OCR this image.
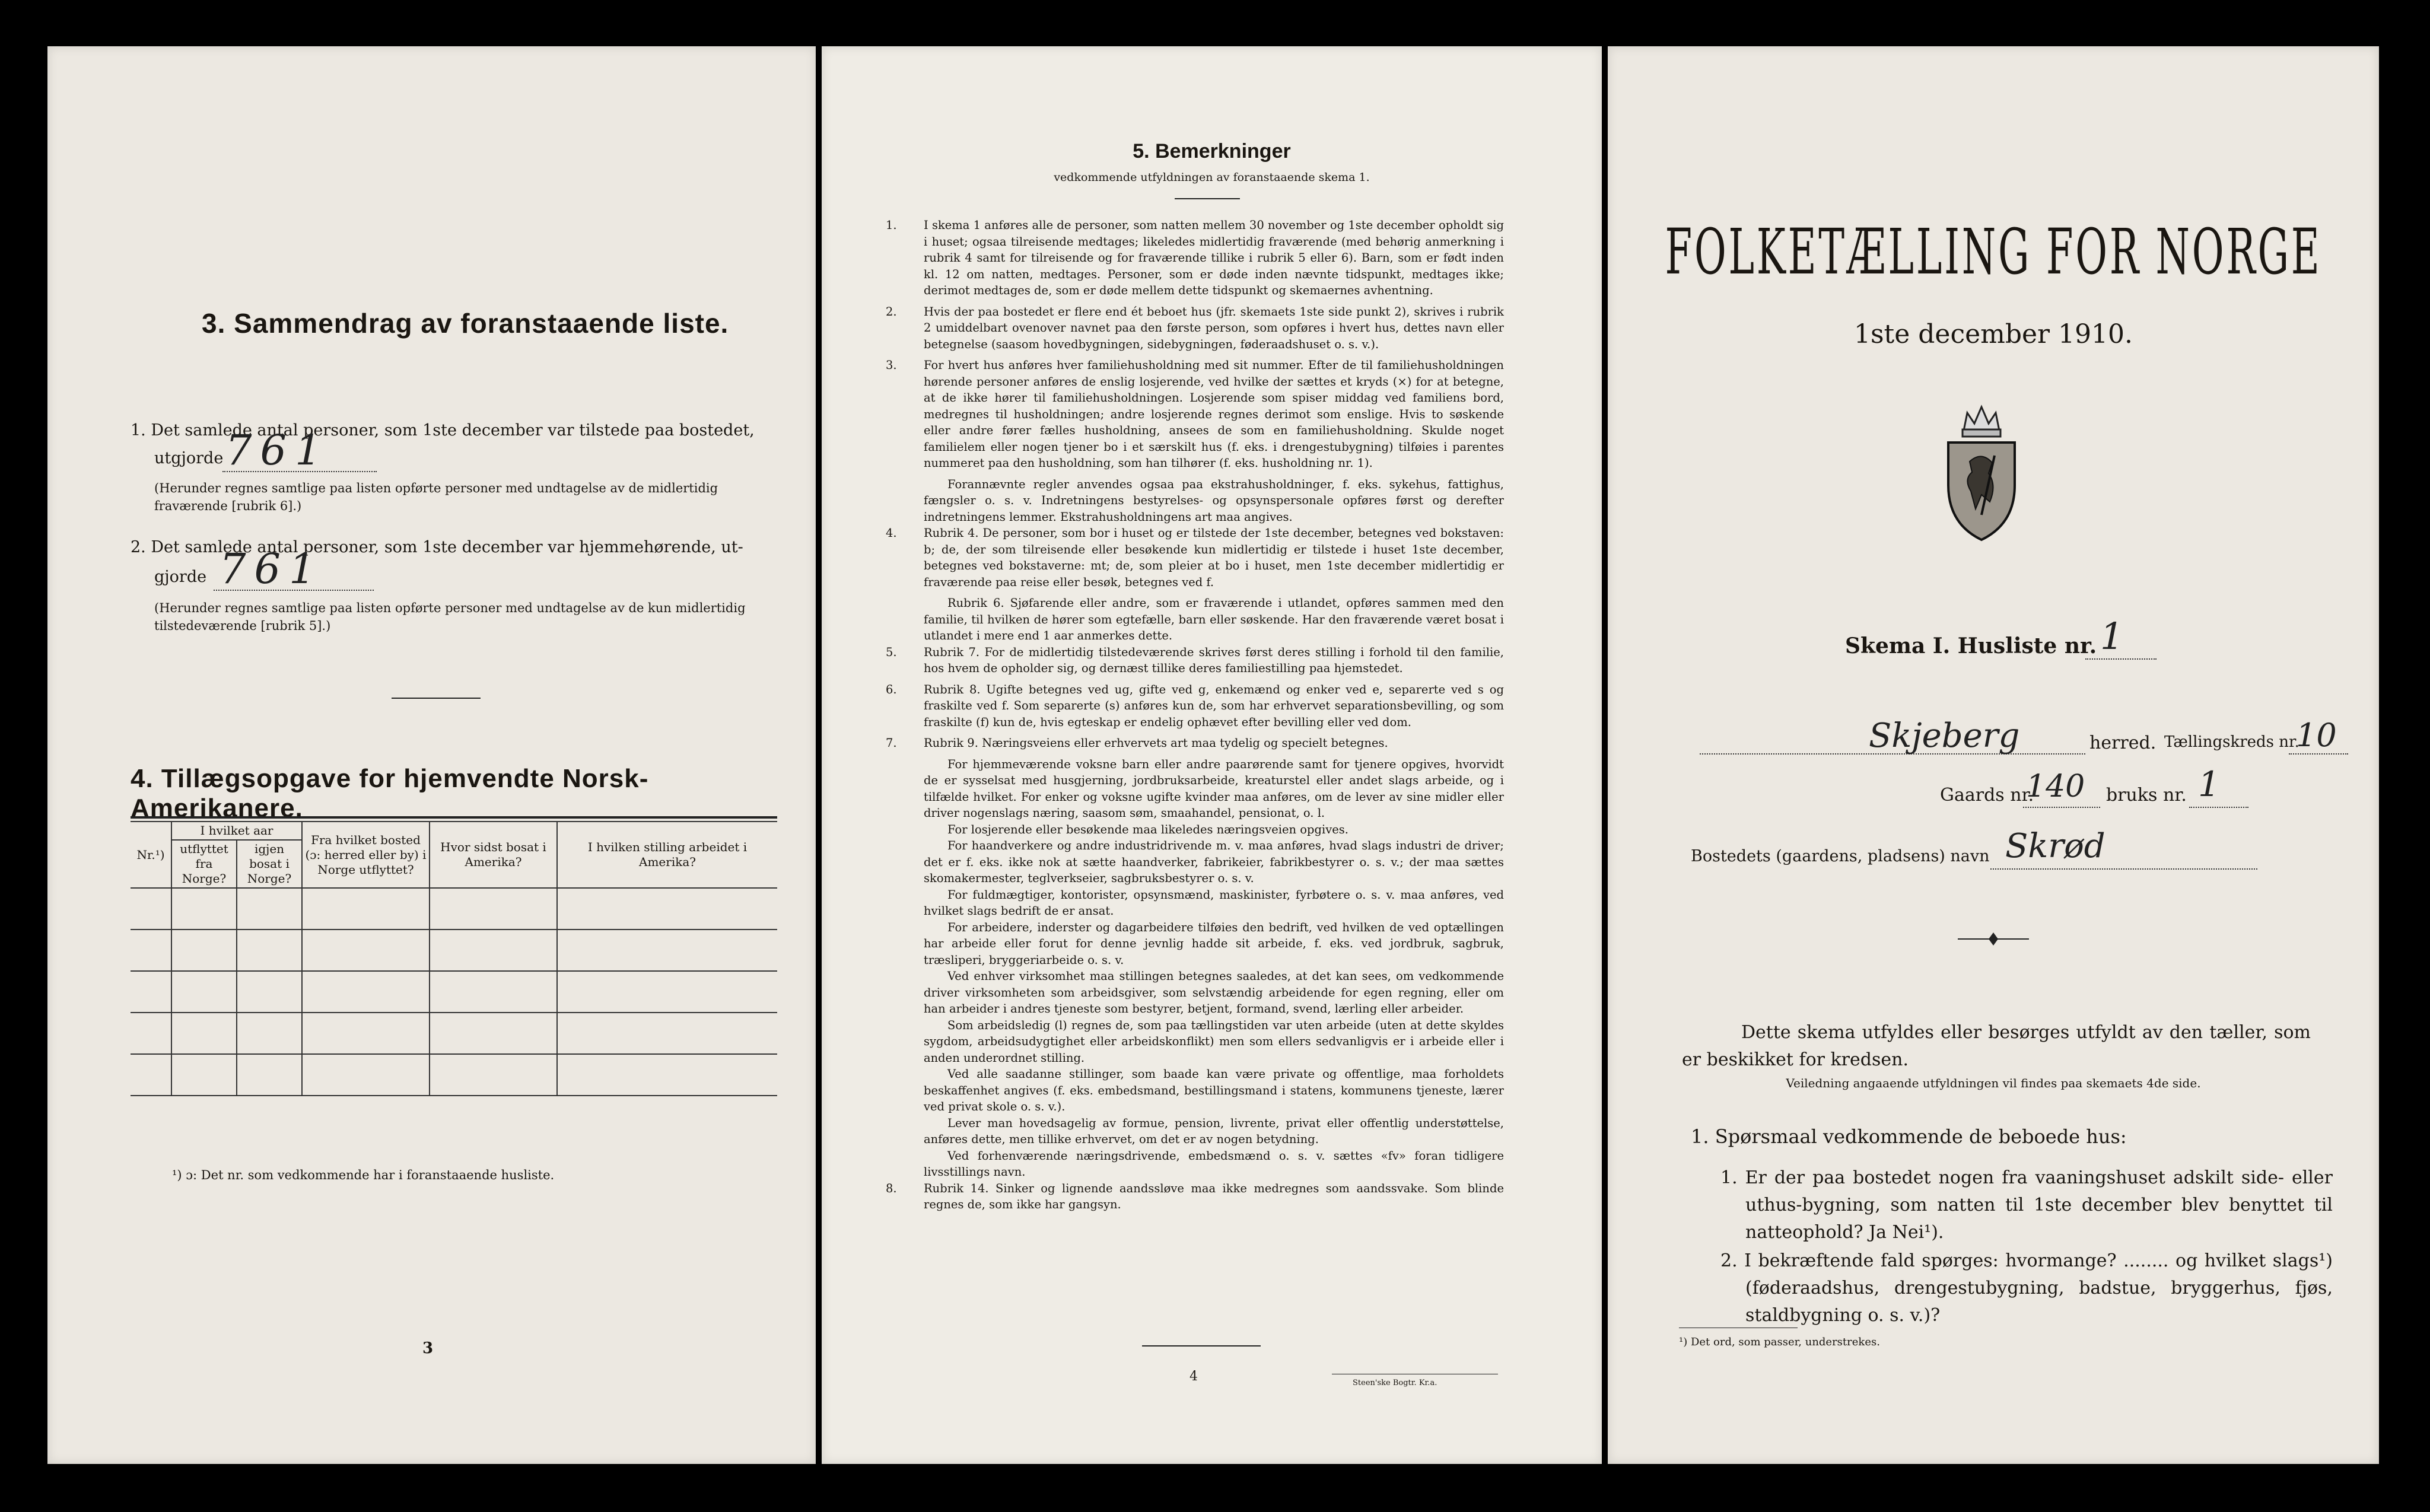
3. Sammendrag av foranstaaende liste.
1. Det samlede antal personer, som 1ste december var tilstede paa bostedet,
utgjorde 761
(Herunder regnes samtlige paa listen opførte personer med undtagelse av de midlertidig fraværende [rubrik 6].)
2. Det samlede antal personer, som 1ste december var hjemmehørende, ut-
gjorde 761
(Herunder regnes samtlige paa listen opførte personer med undtagelse av de kun midlertidig tilstedeværende [rubrik 5].)
4. Tillægsopgave for hjemvendte Norsk-Amerikanere.
Nr.¹)	I hvilket aar		Fra hvilket bosted (ɔ: herred eller by) i Norge utflyttet?	Hvor sidst bosat i Amerika?	I hvilken stilling arbeidet i Amerika?
	utflyttet fra Norge?	igjen bosat i Norge?			

¹) ɔ: Det nr. som vedkommende har i foranstaaende husliste.
3
5. Bemerkninger
vedkommende utfyldningen av foranstaaende skema 1.

1. I skema 1 anføres alle de personer, som natten mellem 30 november og 1ste december opholdt sig i huset; ogsaa tilreisende medtages; likeledes midlertidig fraværende (med behørig anmerkning i rubrik 4 samt for tilreisende og for fraværende tillike i rubrik 5 eller 6). Barn, som er født inden kl. 12 om natten, medtages. Personer, som er døde inden nævnte tidspunkt, medtages ikke; derimot medtages de, som er døde mellem dette tidspunkt og skemaernes avhentning.

2. Hvis der paa bostedet er flere end ét beboet hus (jfr. skemaets 1ste side punkt 2), skrives i rubrik 2 umiddelbart ovenover navnet paa den første person, som opføres i hvert hus, dettes navn eller betegnelse (saasom hovedbygningen, sidebygningen, føderaadshuset o. s. v.).

3. For hvert hus anføres hver familiehusholdning med sit nummer. Efter de til familiehusholdningen hørende personer anføres de enslig losjerende, ved hvilke der sættes et kryds (×) for at betegne, at de ikke hører til familiehusholdningen. Losjerende som spiser middag ved familiens bord, medregnes til husholdningen; andre losjerende regnes derimot som enslige. Hvis to søskende eller andre fører fælles husholdning, ansees de som en familiehusholdning. Skulde noget familielem eller nogen tjener bo i et særskilt hus (f. eks. i drengestubygning) tilføies i parentes nummeret paa den husholdning, som han tilhører (f. eks. husholdning nr. 1).

Forannævnte regler anvendes ogsaa paa ekstrahusholdninger, f. eks. sykehus, fattighus, fængsler o. s. v. Indretningens bestyrelses- og opsynspersonale opføres først og derefter indretningens lemmer. Ekstrahusholdningens art maa angives.

4. Rubrik 4. De personer, som bor i huset og er tilstede der 1ste december, betegnes ved bokstaven: b; de, der som tilreisende eller besøkende kun midlertidig er tilstede i huset 1ste december, betegnes ved bokstaverne: mt; de, som pleier at bo i huset, men 1ste december midlertidig er fraværende paa reise eller besøk, betegnes ved f.

Rubrik 6. Sjøfarende eller andre, som er fraværende i utlandet, opføres sammen med den familie, til hvilken de hører som egtefælle, barn eller søskende. Har den fraværende været bosat i utlandet i mere end 1 aar anmerkes dette.

5. Rubrik 7. For de midlertidig tilstedeværende skrives først deres stilling i forhold til den familie, hos hvem de opholder sig, og dernæst tillike deres familiestilling paa hjemstedet.

6. Rubrik 8. Ugifte betegnes ved ug, gifte ved g, enkemænd og enker ved e, separerte ved s og fraskilte ved f. Som separerte (s) anføres kun de, som har erhvervet separationsbevilling, og som fraskilte (f) kun de, hvis egteskap er endelig ophævet efter bevilling eller ved dom.

7. Rubrik 9. Næringsveiens eller erhvervets art maa tydelig og specielt betegnes.

For hjemmeværende voksne barn eller andre paarørende samt for tjenere opgives, hvorvidt de er sysselsat med husgjerning, jordbruksarbeide, kreaturstel eller andet slags arbeide, og i tilfælde hvilket. For enker og voksne ugifte kvinder maa anføres, om de lever av sine midler eller driver nogenslags næring, saasom søm, smaahandel, pensionat, o. l.

For losjerende eller besøkende maa likeledes næringsveien opgives.

For haandverkere og andre industridrivende m. v. maa anføres, hvad slags industri de driver; det er f. eks. ikke nok at sætte haandverker, fabrikeier, fabrikbestyrer o. s. v.; der maa sættes skomakermester, teglverkseier, sagbruksbestyrer o. s. v.

For fuldmægtiger, kontorister, opsynsmænd, maskinister, fyrbøtere o. s. v. maa anføres, ved hvilket slags bedrift de er ansat.

For arbeidere, inderster og dagarbeidere tilføies den bedrift, ved hvilken de ved optællingen har arbeide eller forut for denne jevnlig hadde sit arbeide, f. eks. ved jordbruk, sagbruk, træsliperi, bryggeriarbeide o. s. v.

Ved enhver virksomhet maa stillingen betegnes saaledes, at det kan sees, om vedkommende driver virksomheten som arbeidsgiver, som selvstændig arbeidende for egen regning, eller om han arbeider i andres tjeneste som bestyrer, betjent, formand, svend, lærling eller arbeider.

Som arbeidsledig (l) regnes de, som paa tællingstiden var uten arbeide (uten at dette skyldes sygdom, arbeidsudygtighet eller arbeidskonflikt) men som ellers sedvanligvis er i arbeide eller i anden underordnet stilling.

Ved alle saadanne stillinger, som baade kan være private og offentlige, maa forholdets beskaffenhet angives (f. eks. embedsmand, bestillingsmand i statens, kommunens tjeneste, lærer ved privat skole o. s. v.).

Lever man hovedsagelig av formue, pension, livrente, privat eller offentlig understøttelse, anføres dette, men tillike erhvervet, om det er av nogen betydning.

Ved forhenværende næringsdrivende, embedsmænd o. s. v. sættes «fv» foran tidligere livsstillings navn.

8. Rubrik 14. Sinker og lignende aandssløve maa ikke medregnes som aandssvake. Som blinde regnes de, som ikke har gangsyn.

4	Steen'ske Bogtr. Kr.a.
FOLKETÆLLING FOR NORGE
1ste december 1910.
Skema I. Husliste nr. 1
Skjeberg	herred. Tællingskreds nr.
10
Gaards nr.
140 bruks nr. 1
Bostedets (gaardens, pladsens) navn Skrød
Dette skema utfyldes eller besørges utfyldt av den tæller, som er beskikket for kredsen.
Veiledning angaaende utfyldningen vil findes paa skemaets 4de side.
1. Spørsmaal vedkommende de beboede hus:
1. Er der paa bostedet nogen fra vaaningshuset adskilt side- eller uthus-bygning, som natten til 1ste december blev benyttet til natteophold? Ja Nei¹).
2. I bekræftende fald spørges: hvormange? ........ og hvilket slags¹) (føderaadshus, drengestubygning, badstue, bryggerhus, fjøs, staldbygning o. s. v.)?
¹) Det ord, som passer, understrekes.
